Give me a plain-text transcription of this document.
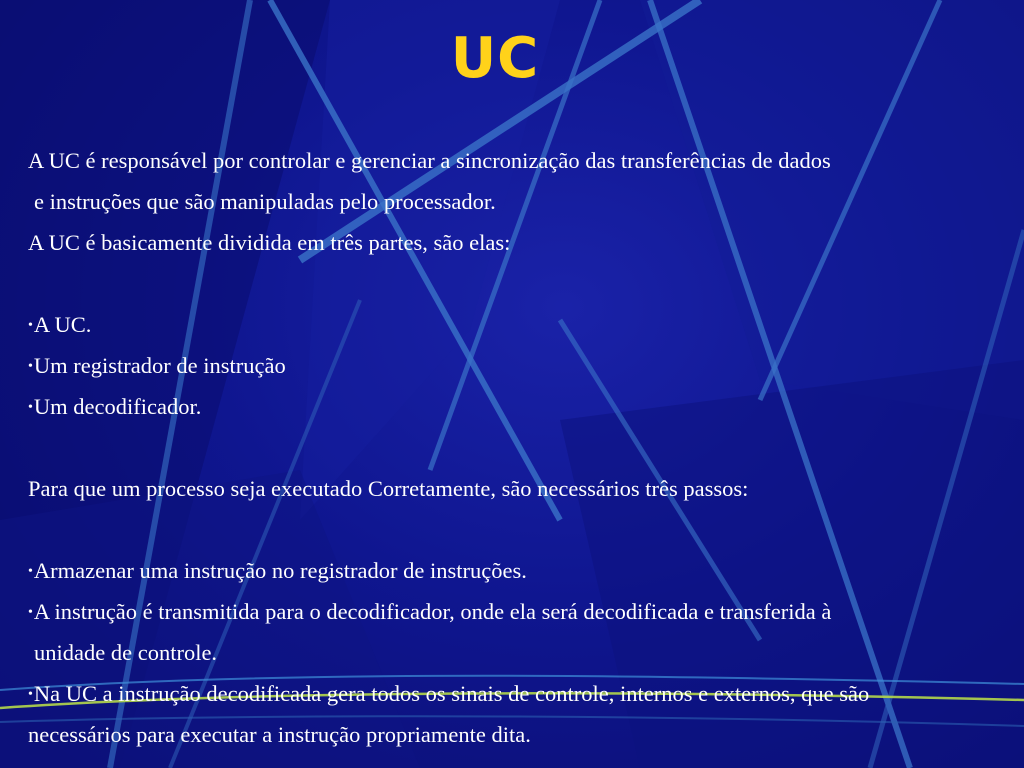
UC
A UC é responsável por controlar e gerenciar a sincronização das transferências de dados
e instruções que são manipuladas pelo processador.
A UC é basicamente dividida em três partes, são elas:
•A UC.
•Um registrador de instrução
•Um decodificador.
Para que um processo seja executado Corretamente, são necessários três passos:
•Armazenar uma instrução no registrador de instruções.
•A instrução é transmitida para o decodificador, onde ela será decodificada e transferida à
unidade de controle.
•Na UC a instrução decodificada gera todos os sinais de controle, internos e externos, que são
necessários para executar a instrução propriamente dita.
